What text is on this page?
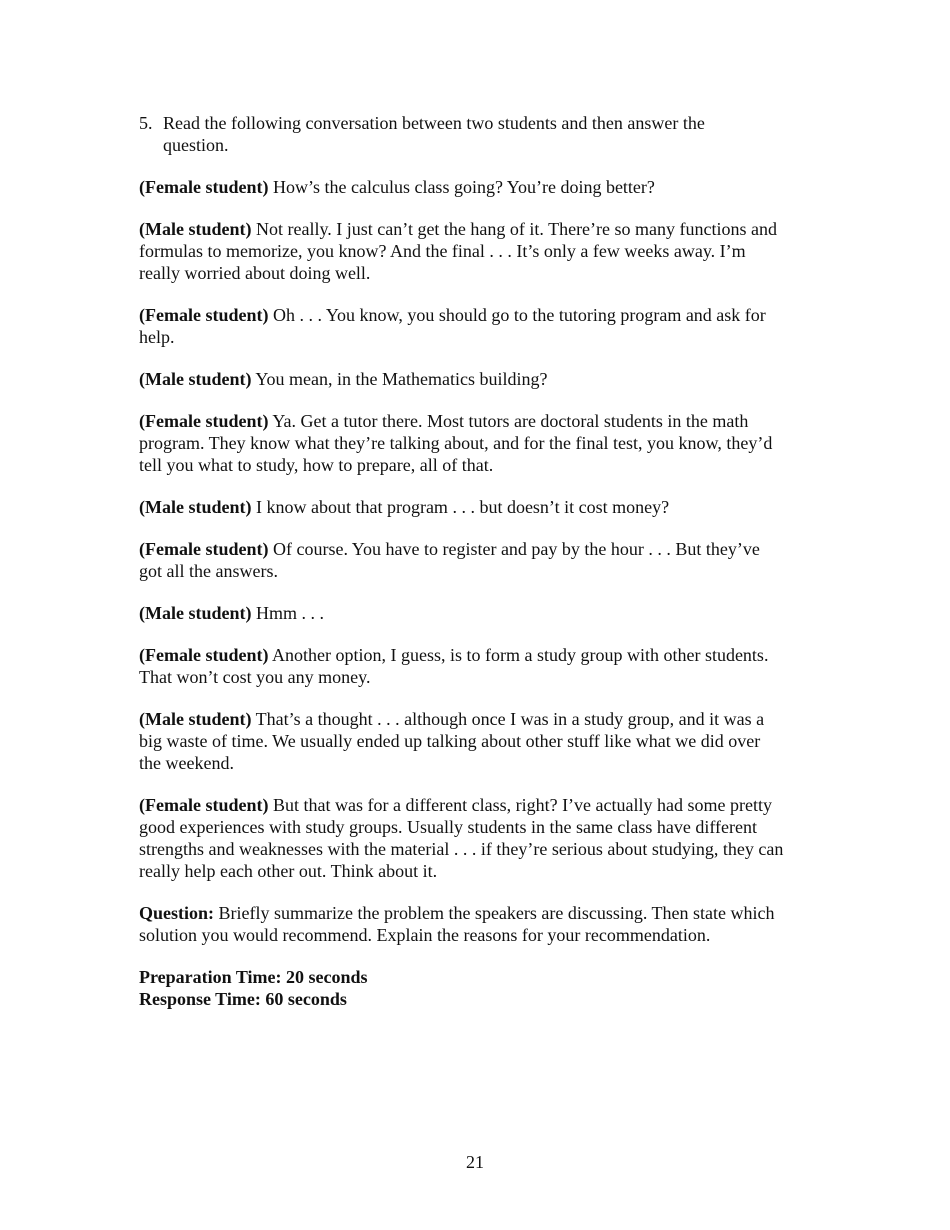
5. Read the following conversation between two students and then answer the
question.
(Female student) How’s the calculus class going? You’re doing better?
(Male student) Not really. I just can’t get the hang of it. There’re so many functions and
formulas to memorize, you know? And the final . . . It’s only a few weeks away. I’m
really worried about doing well.
(Female student) Oh . . . You know, you should go to the tutoring program and ask for
help.
(Male student) You mean, in the Mathematics building?
(Female student) Ya. Get a tutor there. Most tutors are doctoral students in the math
program. They know what they’re talking about, and for the final test, you know, they’d
tell you what to study, how to prepare, all of that.
(Male student) I know about that program . . . but doesn’t it cost money?
(Female student) Of course. You have to register and pay by the hour . . . But they’ve
got all the answers.
(Male student) Hmm . . .
(Female student) Another option, I guess, is to form a study group with other students.
That won’t cost you any money.
(Male student) That’s a thought . . . although once I was in a study group, and it was a
big waste of time. We usually ended up talking about other stuff like what we did over
the weekend.
(Female student) But that was for a different class, right? I’ve actually had some pretty
good experiences with study groups. Usually students in the same class have different
strengths and weaknesses with the material . . . if they’re serious about studying, they can
really help each other out. Think about it.
Question: Briefly summarize the problem the speakers are discussing. Then state which
solution you would recommend. Explain the reasons for your recommendation.
Preparation Time: 20 seconds
Response Time: 60 seconds
21
